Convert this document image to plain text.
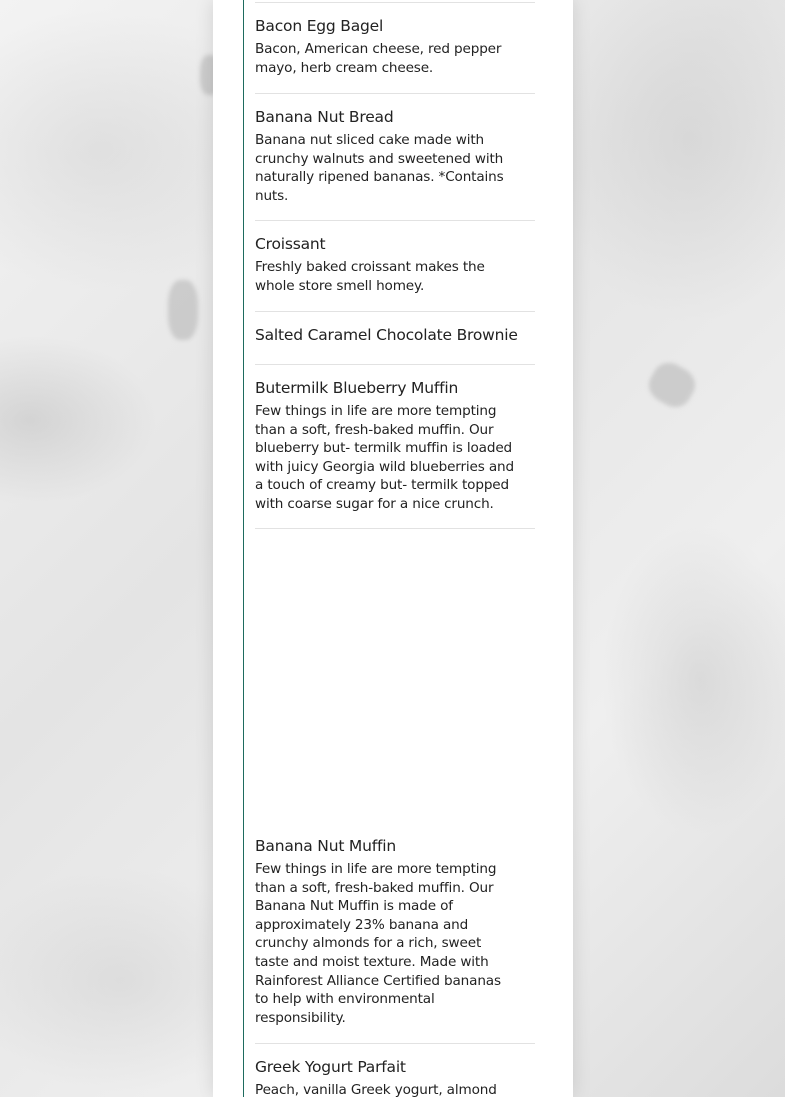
Bacon Egg Bagel
Bacon, American cheese, red pepper mayo, herb cream cheese.
Banana Nut Bread
Banana nut sliced cake made with crunchy walnuts and sweetened with naturally ripened bananas. *Contains nuts.
Croissant
Freshly baked croissant makes the whole store smell homey.
Salted Caramel Chocolate Brownie
Butermilk Blueberry Muffin
Few things in life are more tempting than a soft, fresh-baked muffin. Our blueberry but- termilk muffin is loaded with juicy Georgia wild blueberries and a touch of creamy but- termilk topped with coarse sugar for a nice crunch.
Banana Nut Muffin
Few things in life are more tempting than a soft, fresh-baked muffin. Our Banana Nut Muffin is made of approximately 23% banana and crunchy almonds for a rich, sweet taste and moist texture. Made with Rainforest Alliance Certified bananas to help with environmental responsibility.
Greek Yogurt Parfait
Peach, vanilla Greek yogurt, almond
